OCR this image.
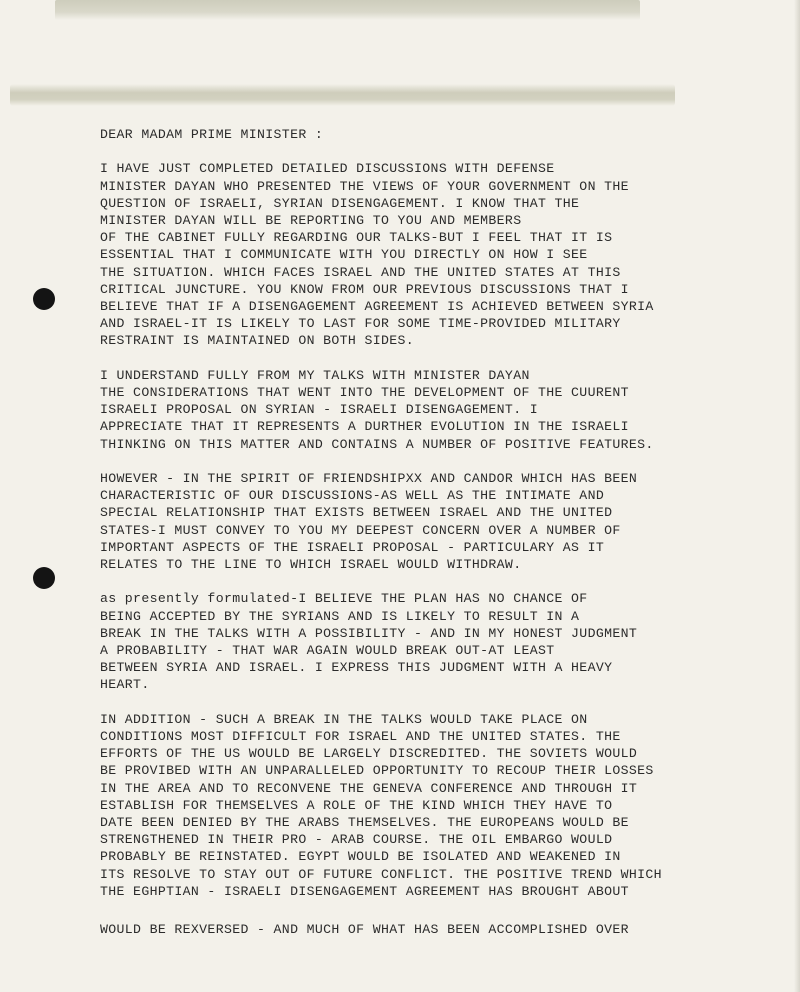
DEAR MADAM PRIME MINISTER :

I HAVE JUST COMPLETED DETAILED DISCUSSIONS WITH DEFENSE
MINISTER DAYAN WHO PRESENTED THE VIEWS OF YOUR GOVERNMENT ON THE
QUESTION OF ISRAELI, SYRIAN DISENGAGEMENT. I KNOW THAT THE
MINISTER DAYAN WILL BE REPORTING TO YOU AND MEMBERS
OF THE CABINET FULLY REGARDING OUR TALKS-BUT I FEEL THAT IT IS
ESSENTIAL THAT I COMMUNICATE WITH YOU DIRECTLY ON HOW I SEE
THE SITUATION. WHICH FACES ISRAEL AND THE UNITED STATES AT THIS
CRITICAL JUNCTURE. YOU KNOW FROM OUR PREVIOUS DISCUSSIONS THAT I
BELIEVE THAT IF A DISENGAGEMENT AGREEMENT IS ACHIEVED BETWEEN SYRIA
AND ISRAEL-IT IS LIKELY TO LAST FOR SOME TIME-PROVIDED MILITARY
RESTRAINT IS MAINTAINED ON BOTH SIDES.

I UNDERSTAND FULLY FROM MY TALKS WITH MINISTER DAYAN
THE CONSIDERATIONS THAT WENT INTO THE DEVELOPMENT OF THE CUURENT
ISRAELI PROPOSAL ON SYRIAN - ISRAELI DISENGAGEMENT. I
APPRECIATE THAT IT REPRESENTS A DURTHER EVOLUTION IN THE ISRAELI
THINKING ON THIS MATTER AND CONTAINS A NUMBER OF POSITIVE FEATURES.

HOWEVER - IN THE SPIRIT OF FRIENDSHIPXX AND CANDOR WHICH HAS BEEN
CHARACTERISTIC OF OUR DISCUSSIONS-AS WELL AS THE INTIMATE AND
SPECIAL RELATIONSHIP THAT EXISTS BETWEEN ISRAEL AND THE UNITED
STATES-I MUST CONVEY TO YOU MY DEEPEST CONCERN OVER A NUMBER OF
IMPORTANT ASPECTS OF THE ISRAELI PROPOSAL - PARTICULARY AS IT
RELATES TO THE LINE TO WHICH ISRAEL WOULD WITHDRAW.

as presently formulated-I BELIEVE THE PLAN HAS NO CHANCE OF
BEING ACCEPTED BY THE SYRIANS AND IS LIKELY TO RESULT IN A
BREAK IN THE TALKS WITH A POSSIBILITY - AND IN MY HONEST JUDGMENT
A PROBABILITY - THAT WAR AGAIN WOULD BREAK OUT-AT LEAST
BETWEEN SYRIA AND ISRAEL. I EXPRESS THIS JUDGMENT WITH A HEAVY
HEART.

IN ADDITION - SUCH A BREAK IN THE TALKS WOULD TAKE PLACE ON
CONDITIONS MOST DIFFICULT FOR ISRAEL AND THE UNITED STATES. THE
EFFORTS OF THE US WOULD BE LARGELY DISCREDITED. THE SOVIETS WOULD
BE PROVIBED WITH AN UNPARALLELED OPPORTUNITY TO RECOUP THEIR LOSSES
IN THE AREA AND TO RECONVENE THE GENEVA CONFERENCE AND THROUGH IT
ESTABLISH FOR THEMSELVES A ROLE OF THE KIND WHICH THEY HAVE TO
DATE BEEN DENIED BY THE ARABS THEMSELVES. THE EUROPEANS WOULD BE
STRENGTHENED IN THEIR PRO - ARAB COURSE. THE OIL EMBARGO WOULD
PROBABLY BE REINSTATED. EGYPT WOULD BE ISOLATED AND WEAKENED IN
ITS RESOLVE TO STAY OUT OF FUTURE CONFLICT. THE POSITIVE TREND WHICH
THE EGHPTIAN - ISRAELI DISENGAGEMENT AGREEMENT HAS BROUGHT ABOUT

WOULD BE REXVERSED - AND MUCH OF WHAT HAS BEEN ACCOMPLISHED OVER
